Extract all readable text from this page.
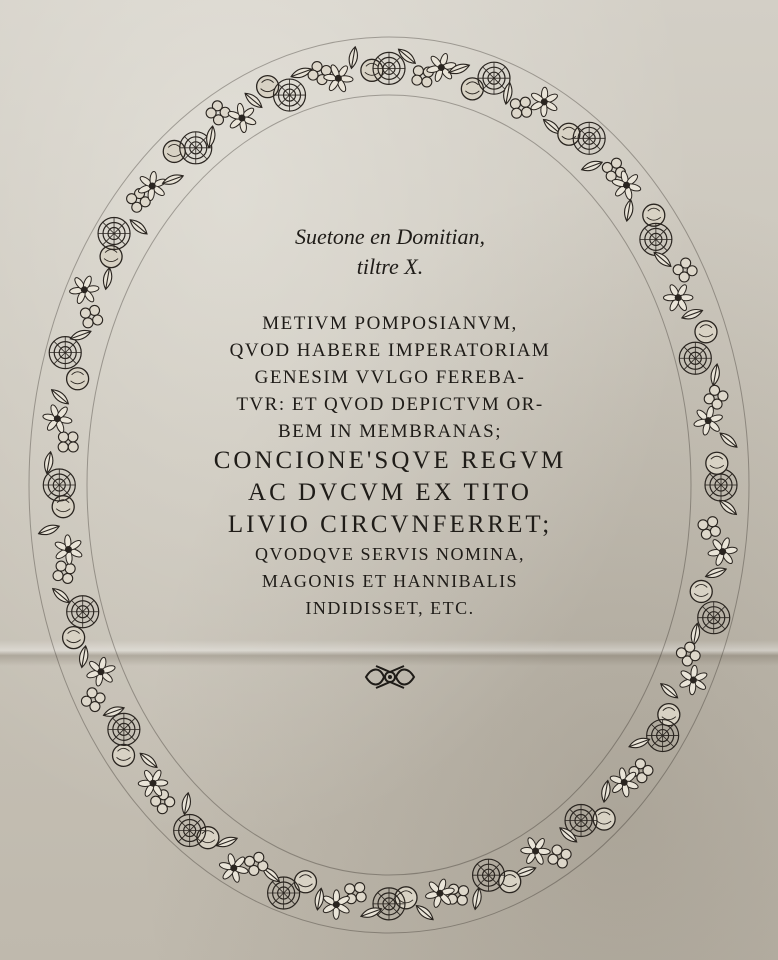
Suetone en Domitian,

tiltre X.

METIVM POMPOSIANVM,

QVOD HABERE IMPERATORIAM

GENESIM VVLGO FEREBA-

TVR: ET QVOD DEPICTVM OR-

BEM IN MEMBRANAS;

CONCIONE'SQVE REGVM

AC DVCVM EX TITO

LIVIO CIRCVNFERRET;

QVODQVE SERVIS NOMINA,

MAGONIS ET HANNIBALIS

INDIDISSET, ETC.
